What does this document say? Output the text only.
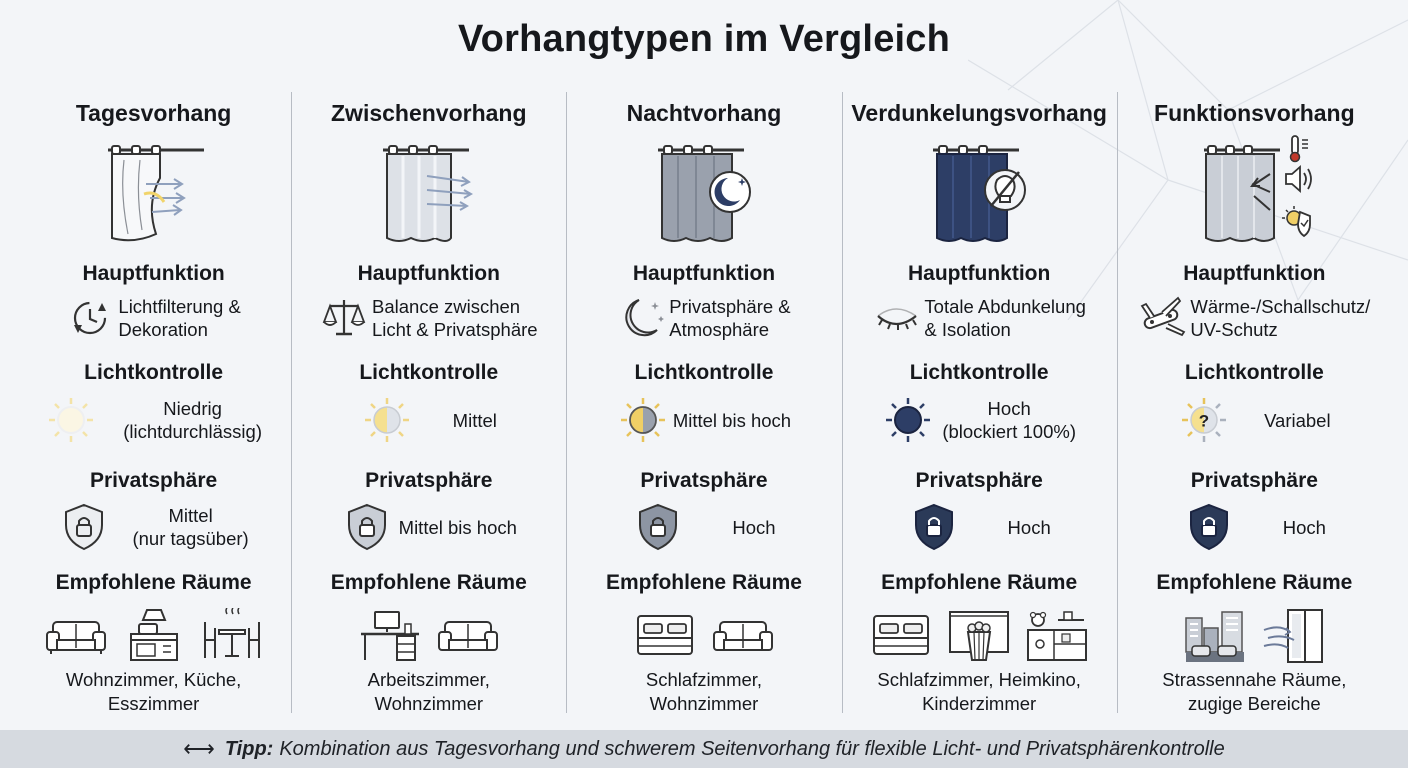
Vorhangtypen im Vergleich
Tagesvorhang
Hauptfunktion
Lichtfilterung &
Dekoration
Lichtkontrolle
Niedrig
(lichtdurchlässig)
Privatsphäre
Mittel
(nur tagsüber)
Empfohlene Räume
Wohnzimmer, Küche,
Esszimmer
Zwischenvorhang
Hauptfunktion
Balance zwischen
Licht & Privatsphäre
Lichtkontrolle
Mittel
Privatsphäre
Mittel bis hoch
Empfohlene Räume
Arbeitszimmer,
Wohnzimmer
Nachtvorhang
Hauptfunktion
Privatsphäre &
Atmosphäre
Lichtkontrolle
Mittel bis hoch
Privatsphäre
Hoch
Empfohlene Räume
Schlafzimmer,
Wohnzimmer
Verdunkelungsvorhang
Hauptfunktion
Totale Abdunkelung
& Isolation
Lichtkontrolle
Hoch
(blockiert 100%)
Privatsphäre
Hoch
Empfohlene Räume
Schlafzimmer, Heimkino,
Kinderzimmer
Funktionsvorhang
Hauptfunktion
Wärme-/Schallschutz/
UV-Schutz
Lichtkontrolle
?	Variabel
Privatsphäre
Hoch
Empfohlene Räume
Strassennahe Räume,
zugige Bereiche
⟷ Tipp: Kombination aus Tagesvorhang und schwerem Seitenvorhang für flexible Licht- und Privatsphärenkontrolle
